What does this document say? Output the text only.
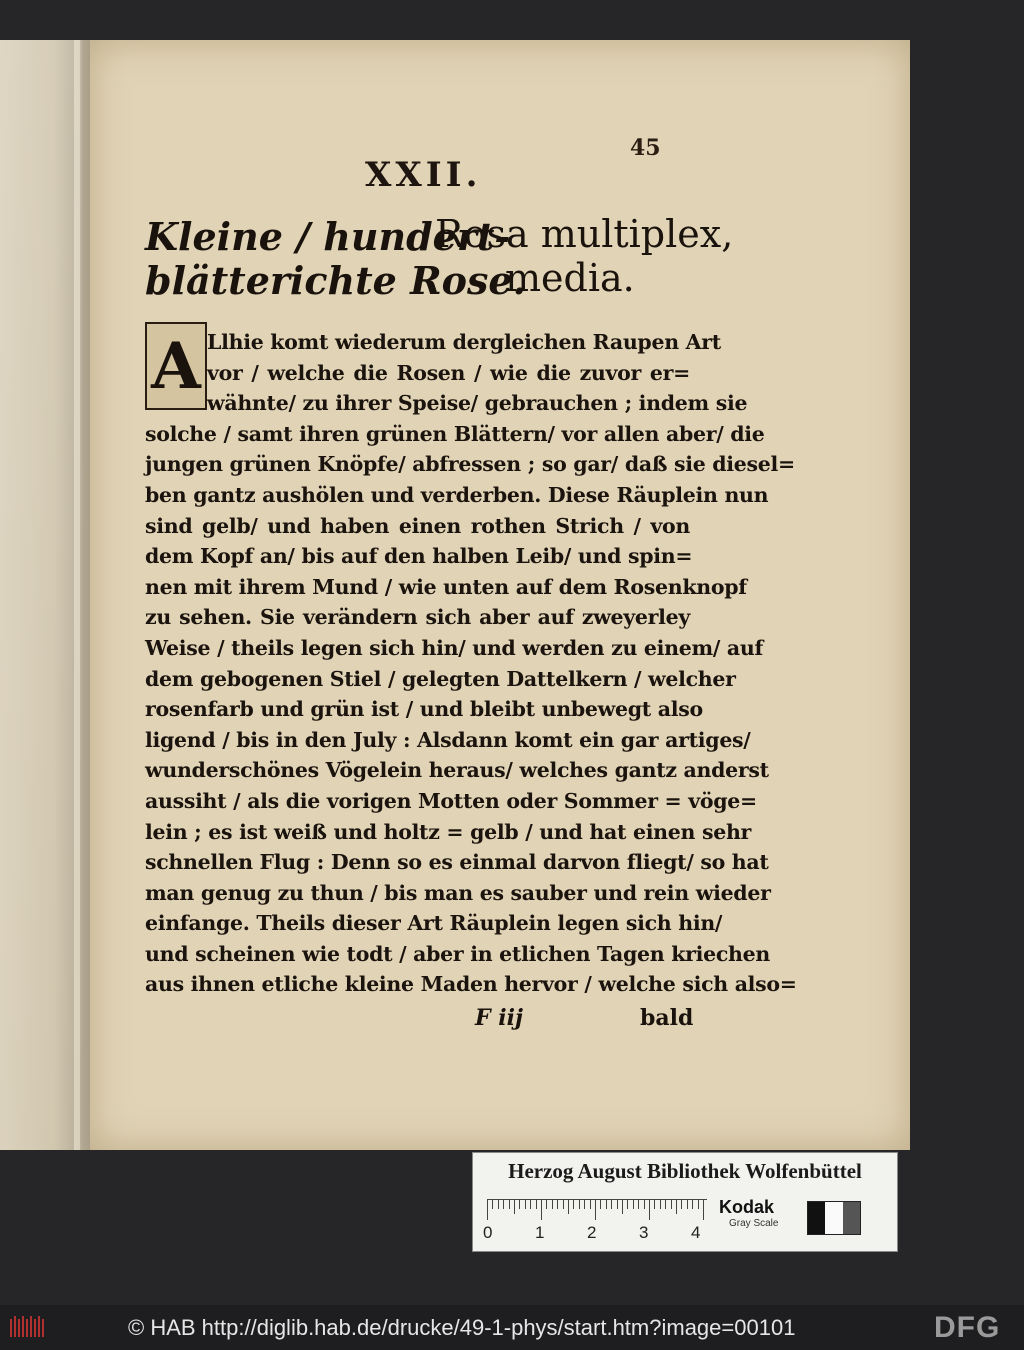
45
XXII.
Kleine / hundert-
blätterichte Rose.
Rosa multiplex,
media.
A Llhie komt wiederum dergleichen Raupen Art
vor / welche die Rosen / wie die zuvor er=
wähnte/ zu ihrer Speise/ gebrauchen ; indem sie
solche / samt ihren grünen Blättern/ vor allen aber/ die
jungen grünen Knöpfe/ abfressen ; so gar/ daß sie diesel=
ben gantz aushölen und verderben. Diese Räuplein nun
sind gelb/ und haben einen rothen Strich / von
dem Kopf an/ bis auf den halben Leib/ und spin=
nen mit ihrem Mund / wie unten auf dem Rosenknopf
zu sehen. Sie verändern sich aber auf zweyerley
Weise / theils legen sich hin/ und werden zu einem/ auf
dem gebogenen Stiel / gelegten Dattelkern / welcher
rosenfarb und grün ist / und bleibt unbewegt also
ligend / bis in den July : Alsdann komt ein gar artiges/
wunderschönes Vögelein heraus/ welches gantz anderst
aussiht / als die vorigen Motten oder Sommer = vöge=
lein ; es ist weiß und holtz = gelb / und hat einen sehr
schnellen Flug : Denn so es einmal darvon fliegt/ so hat
man genug zu thun / bis man es sauber und rein wieder
einfange. Theils dieser Art Räuplein legen sich hin/
und scheinen wie todt / aber in etlichen Tagen kriechen
aus ihnen etliche kleine Maden hervor / welche sich also=
F iij	bald
Herzog August Bibliothek Wolfenbüttel
0	1	2	3	4
Kodak
Gray Scale
© HAB http://diglib.hab.de/drucke/49-1-phys/start.htm?image=00101	DFG
